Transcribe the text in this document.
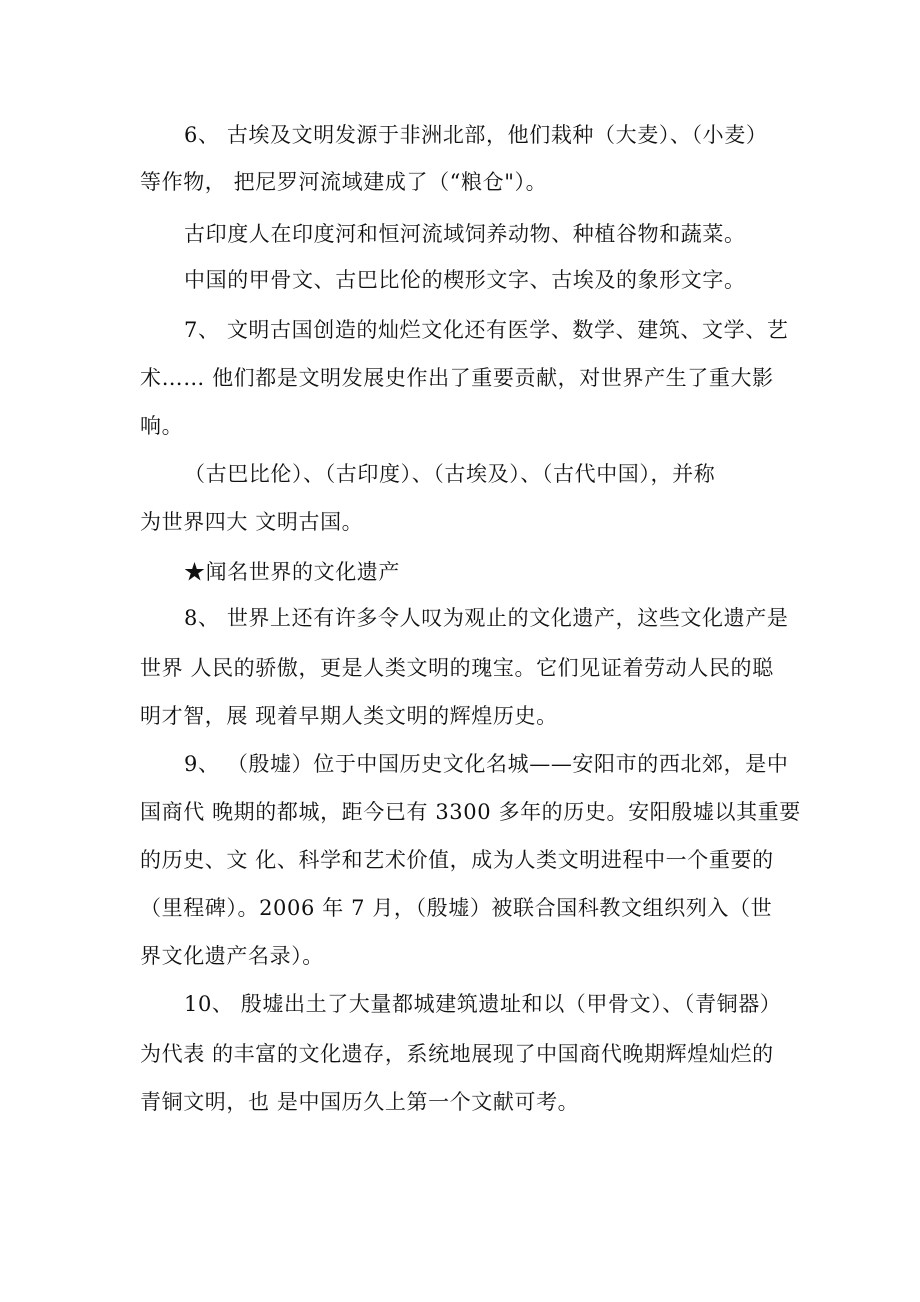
6、 古埃及文明发源于非洲北部，他们栽种（大麦）、（小麦）
等作物， 把尼罗河流域建成了（“粮仓"）。
古印度人在印度河和恒河流域饲养动物、种植谷物和蔬菜。
中国的甲骨文、古巴比伦的楔形文字、古埃及的象形文字。
7、 文明古国创造的灿烂文化还有医学、数学、建筑、文学、艺
术…… 他们都是文明发展史作出了重要贡献，对世界产生了重大影
响。
（古巴比伦）、（古印度）、（古埃及）、（古代中国），并称
为世界四大 文明古国。
★闻名世界的文化遗产
8、 世界上还有许多令人叹为观止的文化遗产，这些文化遗产是
世界 人民的骄傲，更是人类文明的瑰宝。它们见证着劳动人民的聪
明才智，展 现着早期人类文明的辉煌历史。
9、 （殷墟）位于中国历史文化名城——安阳市的西北郊，是中
国商代 晚期的都城，距今已有 3300 多年的历史。安阳殷墟以其重要
的历史、文 化、科学和艺术价值，成为人类文明进程中一个重要的
（里程碑）。2006 年 7 月，（殷墟）被联合国科教文组织列入（世
界文化遗产名录）。
10、 殷墟出土了大量都城建筑遗址和以（甲骨文）、（青铜器）
为代表 的丰富的文化遗存，系统地展现了中国商代晚期辉煌灿烂的
青铜文明，也 是中国历久上第一个文献可考。
